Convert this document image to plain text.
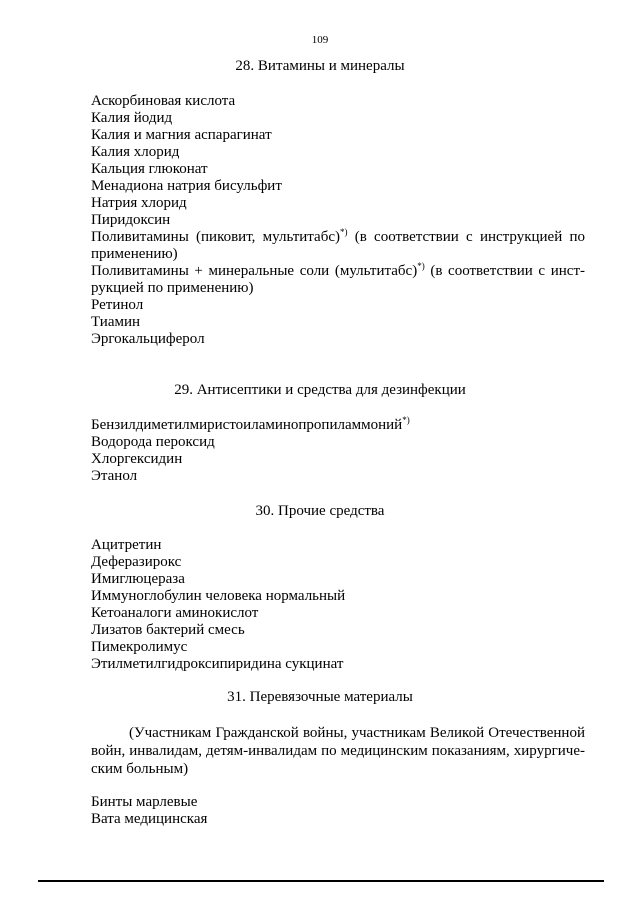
109
28. Витамины и минералы
Аскорбиновая кислота
Калия йодид
Калия и магния аспарагинат
Калия хлорид
Кальция глюконат
Менадиона натрия бисульфит
Натрия хлорид
Пиридоксин
Поливитамины (пиковит, мультитабс)*) (в соответствии с инструкцией по применению)
Поливитамины + минеральные соли (мультитабс)*) (в соответствии с инст-рукцией по применению)
Ретинол
Тиамин
Эргокальциферол
29. Антисептики и средства для дезинфекции
Бензилдиметилмиристоиламинопропиламмоний*)
Водорода пероксид
Хлоргексидин
Этанол
30. Прочие средства
Ацитретин
Деферазирокс
Имиглюцераза
Иммуноглобулин человека нормальный
Кетоаналоги аминокислот
Лизатов бактерий смесь
Пимекролимус
Этилметилгидроксипиридина сукцинат
31. Перевязочные материалы
(Участникам Гражданской войны, участникам Великой Отечественной войн, инвалидам, детям-инвалидам по медицинским показаниям, хирургиче-ским больным)
Бинты марлевые
Вата медицинская
